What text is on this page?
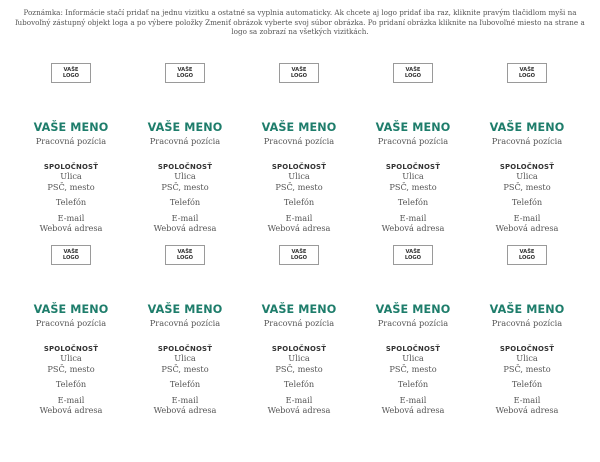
Poznámka: Informácie stačí pridať na jednu vizitku a ostatné sa vyplnia automaticky. Ak chcete aj logo pridať iba raz, kliknite pravým tlačidlom myši na ľubovoľný zástupný objekt loga a po výbere položky Zmeniť obrázok vyberte svoj súbor obrázka. Po pridaní obrázka kliknite na ľubovoľné miesto na strane a logo sa zobrazí na všetkých vizitkách.
VAŠE
LOGO
VAŠE MENO
Pracovná pozícia
SPOLOČNOSŤ
Ulica
PSČ, mesto
Telefón
E-mail
Webová adresa
VAŠE
LOGO
VAŠE MENO
Pracovná pozícia
SPOLOČNOSŤ
Ulica
PSČ, mesto
Telefón
E-mail
Webová adresa
VAŠE
LOGO
VAŠE MENO
Pracovná pozícia
SPOLOČNOSŤ
Ulica
PSČ, mesto
Telefón
E-mail
Webová adresa
VAŠE
LOGO
VAŠE MENO
Pracovná pozícia
SPOLOČNOSŤ
Ulica
PSČ, mesto
Telefón
E-mail
Webová adresa
VAŠE
LOGO
VAŠE MENO
Pracovná pozícia
SPOLOČNOSŤ
Ulica
PSČ, mesto
Telefón
E-mail
Webová adresa
VAŠE
LOGO
VAŠE MENO
Pracovná pozícia
SPOLOČNOSŤ
Ulica
PSČ, mesto
Telefón
E-mail
Webová adresa
VAŠE
LOGO
VAŠE MENO
Pracovná pozícia
SPOLOČNOSŤ
Ulica
PSČ, mesto
Telefón
E-mail
Webová adresa
VAŠE
LOGO
VAŠE MENO
Pracovná pozícia
SPOLOČNOSŤ
Ulica
PSČ, mesto
Telefón
E-mail
Webová adresa
VAŠE
LOGO
VAŠE MENO
Pracovná pozícia
SPOLOČNOSŤ
Ulica
PSČ, mesto
Telefón
E-mail
Webová adresa
VAŠE
LOGO
VAŠE MENO
Pracovná pozícia
SPOLOČNOSŤ
Ulica
PSČ, mesto
Telefón
E-mail
Webová adresa
